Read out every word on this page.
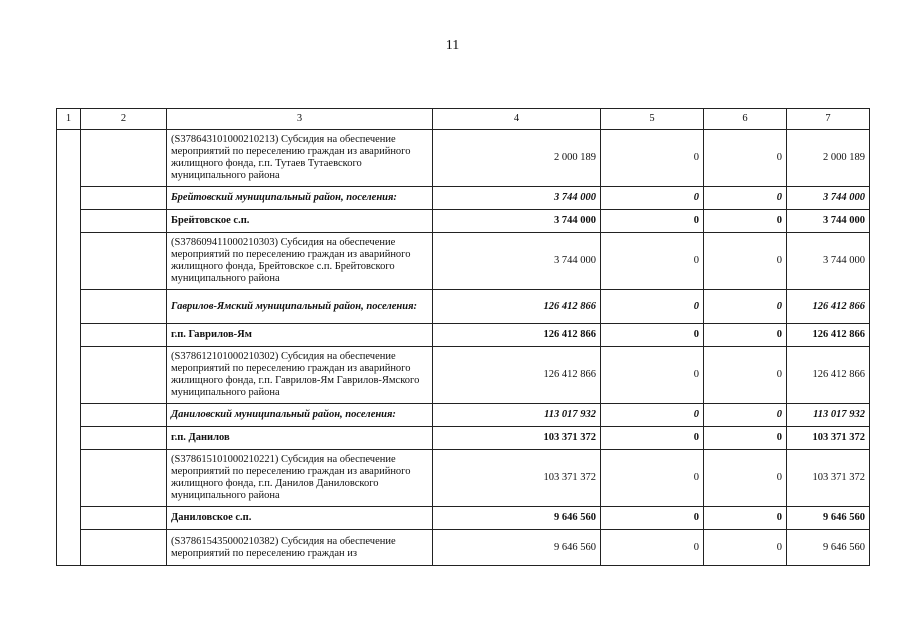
11
1	2	3	4	5	6	7
		(S37864310100021021З) Субсидия на обеспечение мероприятий по переселению граждан из аварийного жилищного фонда, г.п. Тутаев Тутаевского муниципального района	2 000 189	0	0	2 000 189
		Брейтовский муниципальный район, поселения:	3 744 000	0	0	3 744 000
		Брейтовское с.п.	3 744 000	0	0	3 744 000
		(S378609411000210303) Субсидия на обеспечение мероприятий по переселению граждан из аварийного жилищного фонда, Брейтовское с.п. Брейтовского муниципального района	3 744 000	0	0	3 744 000
		Гаврилов-Ямский муниципальный район, поселения:	126 412 866	0	0	126 412 866
		г.п. Гаврилов-Ям	126 412 866	0	0	126 412 866
		(S378612101000210302) Субсидия на обеспечение мероприятий по переселению граждан из аварийного жилищного фонда, г.п. Гаврилов-Ям Гаврилов-Ямского муниципального района	126 412 866	0	0	126 412 866
		Даниловский муниципальный район, поселения:	113 017 932	0	0	113 017 932
		г.п. Данилов	103 371 372	0	0	103 371 372
		(S378615101000210221) Субсидия на обеспечение мероприятий по переселению граждан из аварийного жилищного фонда, г.п. Данилов Даниловского муниципального района	103 371 372	0	0	103 371 372
		Даниловское с.п.	9 646 560	0	0	9 646 560
		(S378615435000210382) Субсидия на обеспечение мероприятий по переселению граждан из	9 646 560	0	0	9 646 560
